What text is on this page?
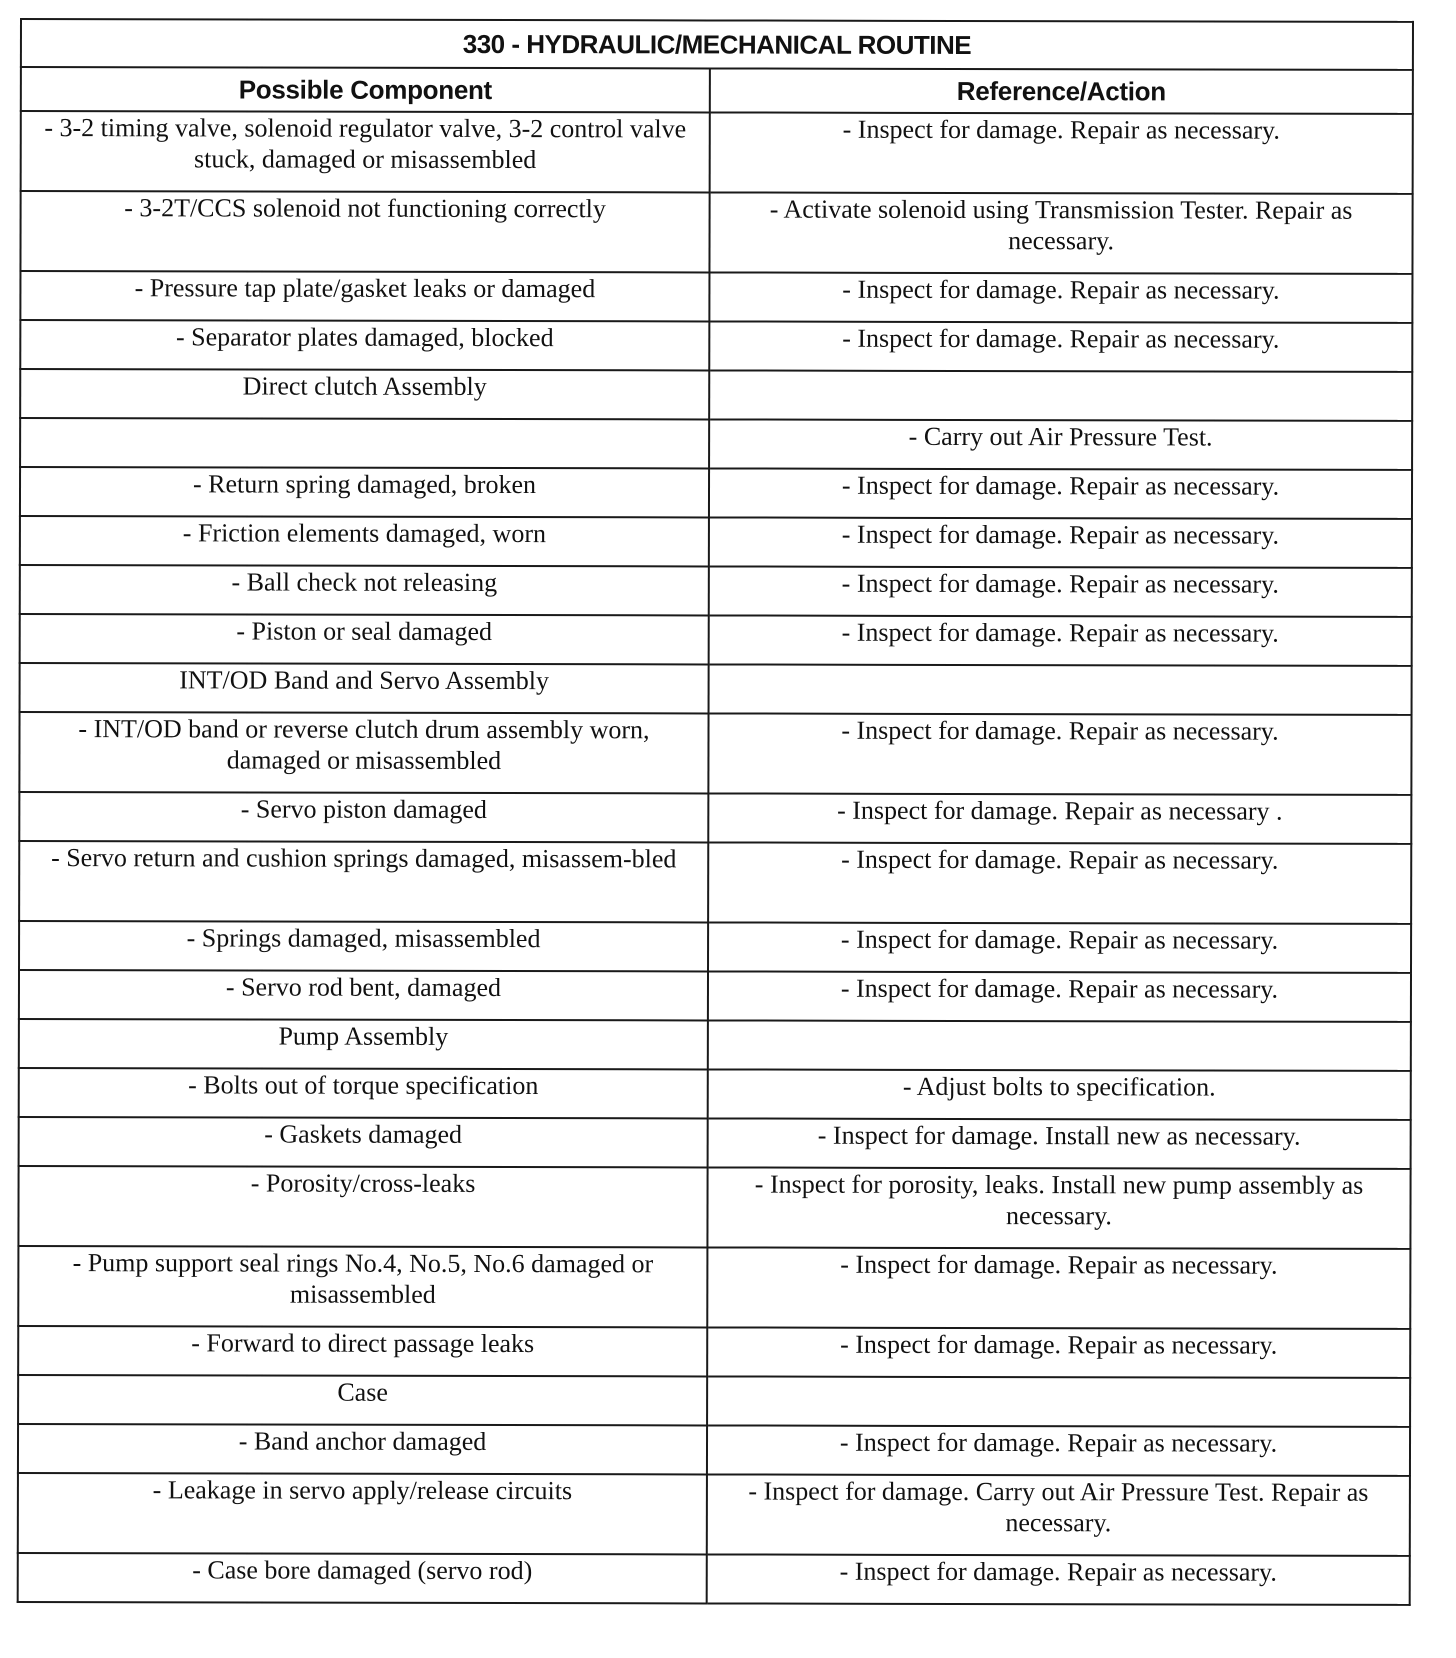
330 - HYDRAULIC/MECHANICAL ROUTINE	
Possible Component	Reference/Action
- 3-2 timing valve, solenoid regulator valve, 3-2 control valve stuck, damaged or misassembled	- Inspect for damage. Repair as necessary.
- 3-2T/CCS solenoid not functioning correctly	- Activate solenoid using Transmission Tester. Repair as necessary.
- Pressure tap plate/gasket leaks or damaged	- Inspect for damage. Repair as necessary.
- Separator plates damaged, blocked	- Inspect for damage. Repair as necessary.
Direct clutch Assembly	
	- Carry out Air Pressure Test.
- Return spring damaged, broken	- Inspect for damage. Repair as necessary.
- Friction elements damaged, worn	- Inspect for damage. Repair as necessary.
- Ball check not releasing	- Inspect for damage. Repair as necessary.
- Piston or seal damaged	- Inspect for damage. Repair as necessary.
INT/OD Band and Servo Assembly	
- INT/OD band or reverse clutch drum assembly worn, damaged or misassembled	- Inspect for damage. Repair as necessary.
- Servo piston damaged	- Inspect for damage. Repair as necessary .
- Servo return and cushion springs damaged, misassem-bled	- Inspect for damage. Repair as necessary.
- Springs damaged, misassembled	- Inspect for damage. Repair as necessary.
- Servo rod bent, damaged	- Inspect for damage. Repair as necessary.
Pump Assembly	
- Bolts out of torque specification	- Adjust bolts to specification.
- Gaskets damaged	- Inspect for damage. Install new as necessary.
- Porosity/cross-leaks	- Inspect for porosity, leaks. Install new pump assembly as necessary.
- Pump support seal rings No.4, No.5, No.6 damaged or misassembled	- Inspect for damage. Repair as necessary.
- Forward to direct passage leaks	- Inspect for damage. Repair as necessary.
Case	
- Band anchor damaged	- Inspect for damage. Repair as necessary.
- Leakage in servo apply/release circuits	- Inspect for damage. Carry out Air Pressure Test. Repair as necessary.
- Case bore damaged (servo rod)	- Inspect for damage. Repair as necessary.
